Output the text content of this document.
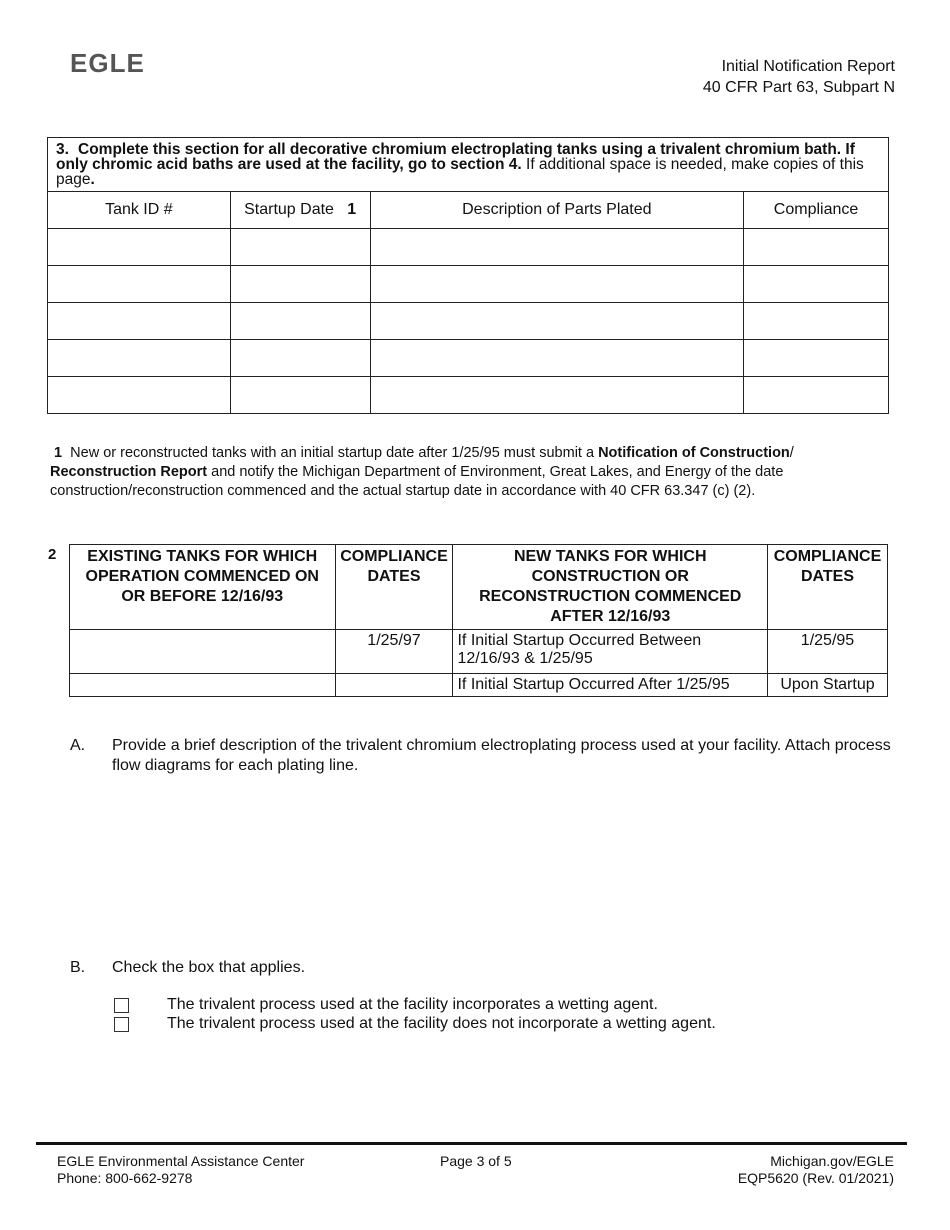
EGLE	Initial Notification Report
40 CFR Part 63, Subpart N
3. Complete this section for all decorative chromium electroplating tanks using a trivalent chromium bath. If only chromic acid baths are used at the facility, go to section 4. If additional space is needed, make copies of this page.			
Tank ID #	Startup Date 1	Description of Parts Plated	Compliance

1 New or reconstructed tanks with an initial startup date after 1/25/95 must submit a Notification of Construction/ Reconstruction Report and notify the Michigan Department of Environment, Great Lakes, and Energy of the date construction/reconstruction commenced and the actual startup date in accordance with 40 CFR 63.347 (c) (2).
2 EXISTING TANKS FOR WHICH OPERATION COMMENCED ON OR BEFORE 12/16/93	COMPLIANCE DATES	NEW TANKS FOR WHICH CONSTRUCTION OR RECONSTRUCTION COMMENCED AFTER 12/16/93	COMPLIANCE DATES
	1/25/97	If Initial Startup Occurred Between 12/16/93 & 1/25/95	1/25/95
		If Initial Startup Occurred After 1/25/95	Upon Startup
A. Provide a brief description of the trivalent chromium electroplating process used at your facility. Attach process flow diagrams for each plating line.
B. Check the box that applies.
The trivalent process used at the facility incorporates a wetting agent.
The trivalent process used at the facility does not incorporate a wetting agent.
EGLE Environmental Assistance Center
Phone: 800-662-9278
Page 3 of 5	Michigan.gov/EGLE
EQP5620 (Rev. 01/2021)
